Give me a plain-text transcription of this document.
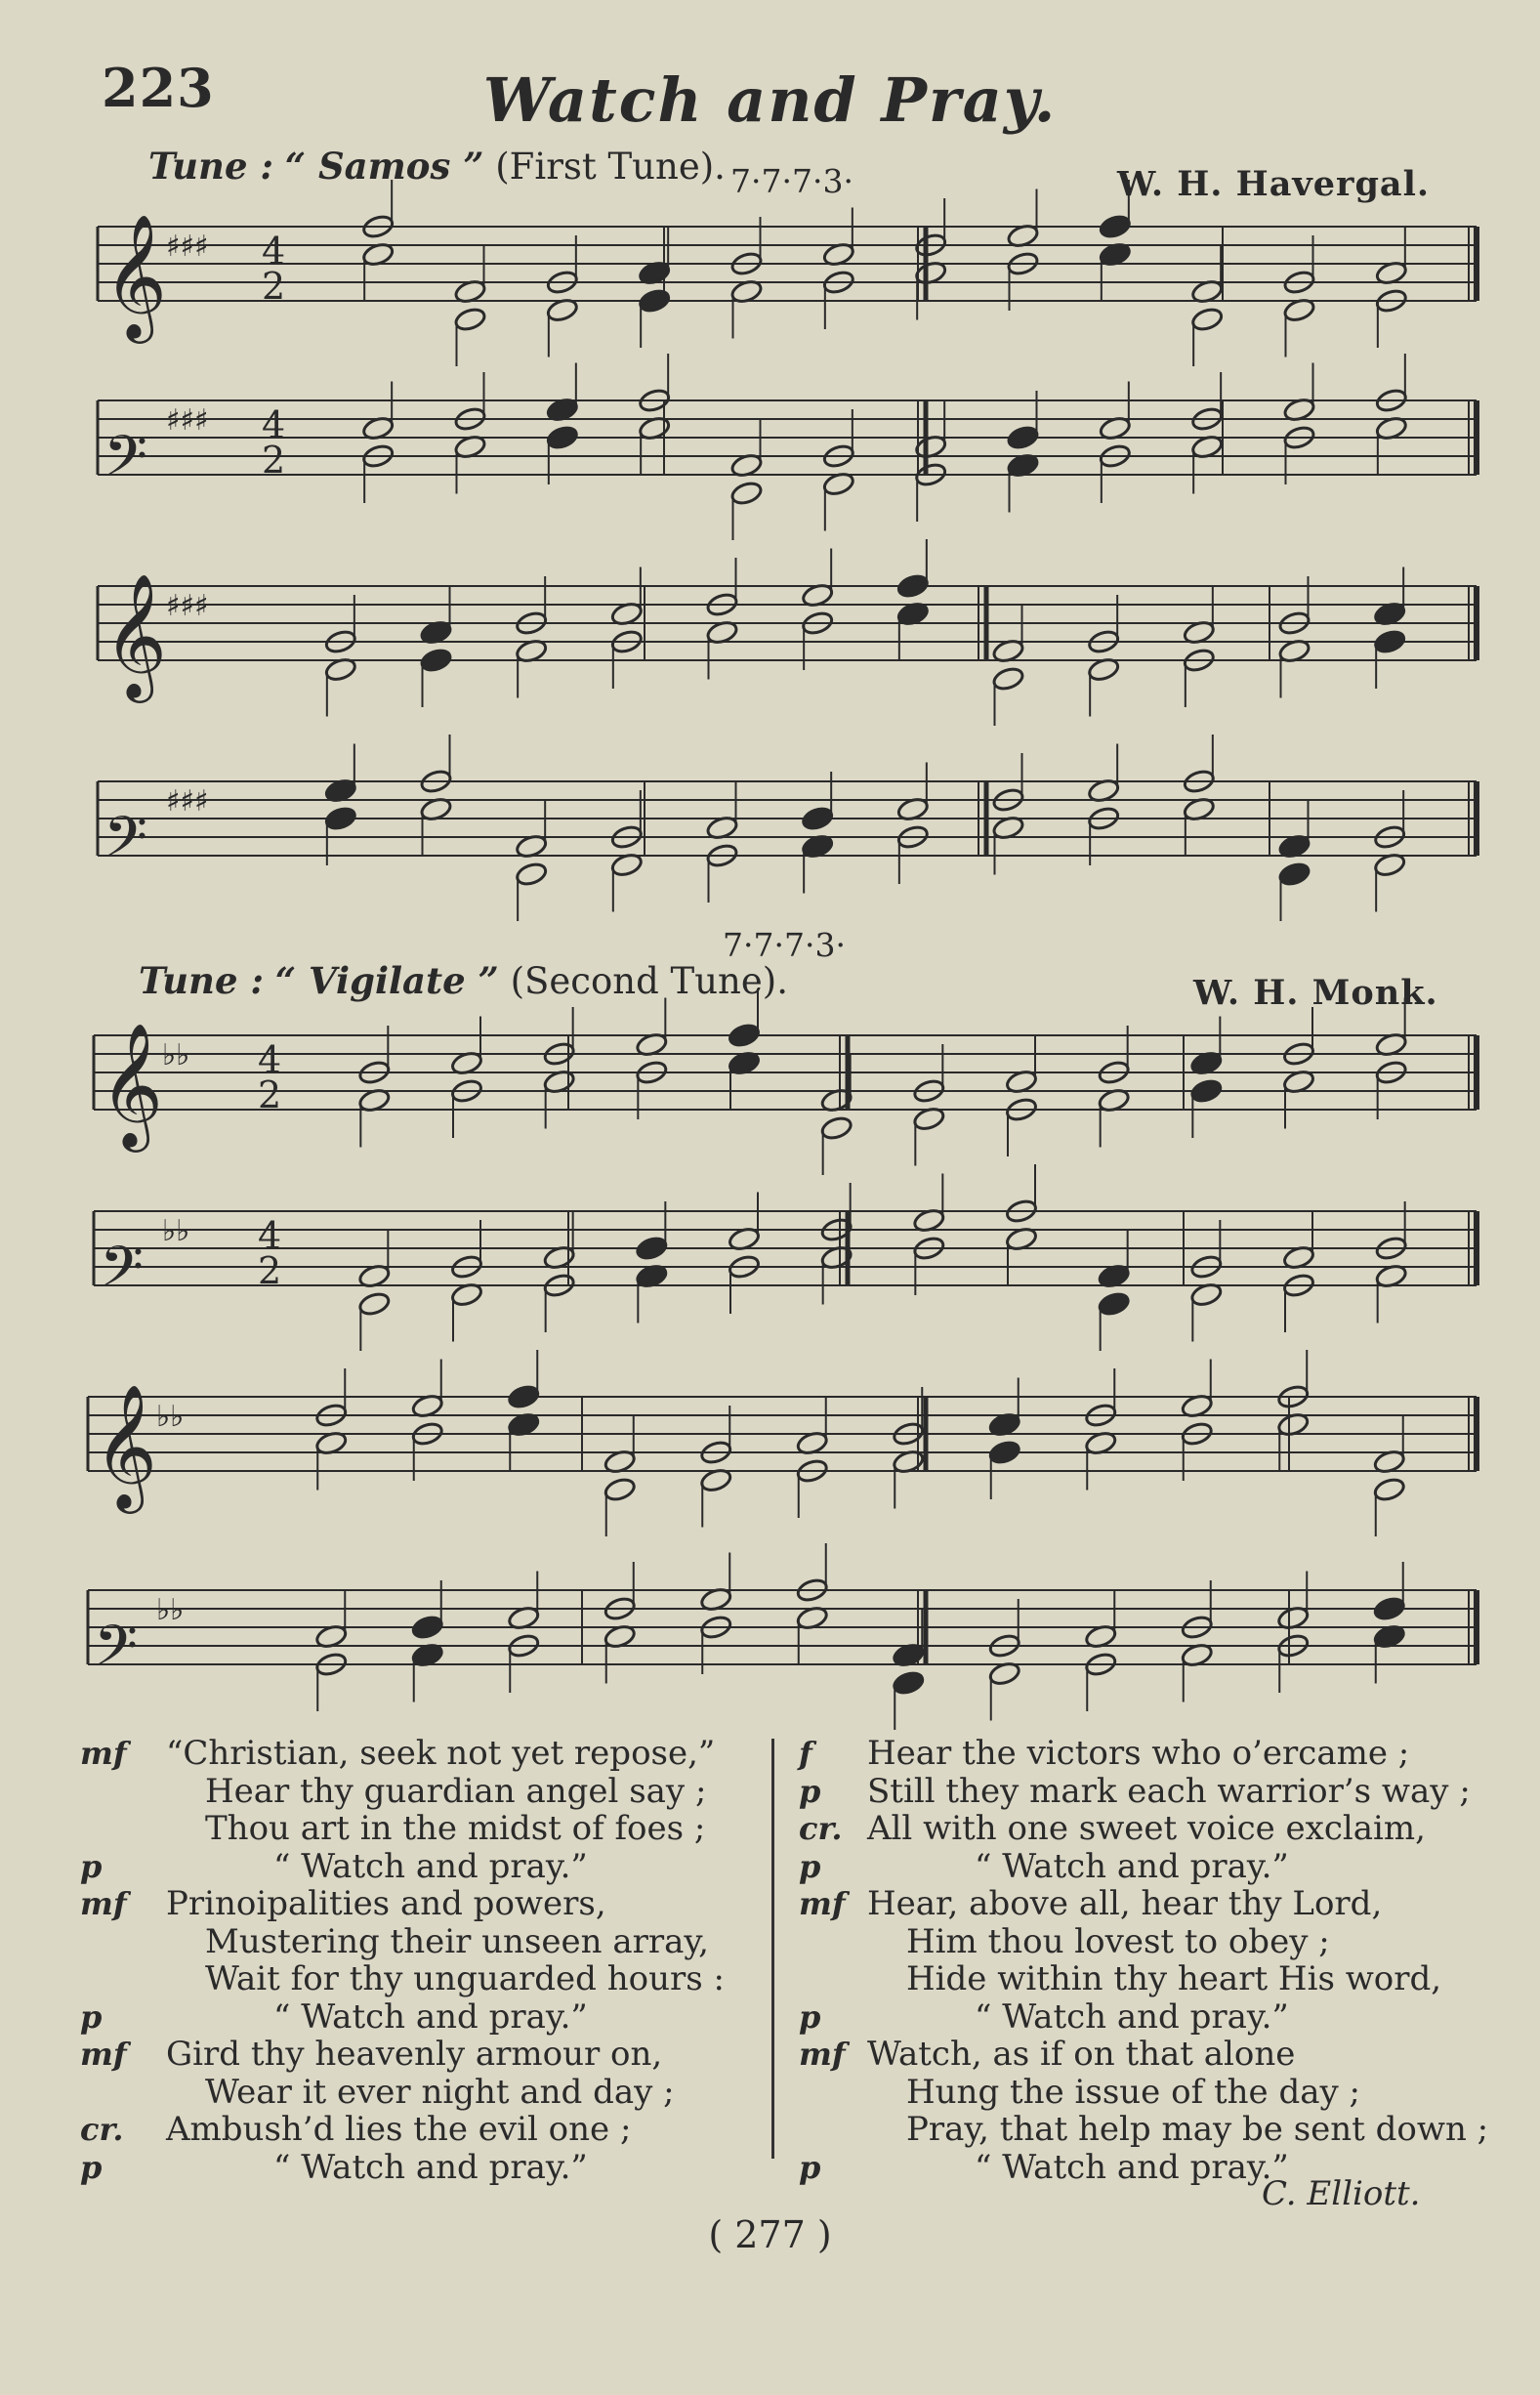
223	Watch and Pray.
Tune : “ Samos ” (First Tune). 7·7·7·3·	W. H. Havergal.
7·7·7·3·
Tune : “ Vigilate ” (Second Tune).	W. H. Monk.
𝄞
♯♯♯ 4
2
𝄢
♯♯♯ 4
2
𝄞
♯♯♯
𝄢
♯♯♯
𝄞
♭♭ 4
2
𝄢
♭♭ 4
2
𝄞
♭♭
𝄢
♭♭
mf “Christian, seek not yet repose,”
Hear thy guardian angel say ;
Thou art in the midst of foes ;
p	“ Watch and pray.”
mf Prinoipalities and powers,
Mustering their unseen array,
Wait for thy unguarded hours :
p	“ Watch and pray.”
mf Gird thy heavenly armour on,
Wear it ever night and day ;
cr. Ambush’d lies the evil one ;
p	“ Watch and pray.”
f Hear the victors who o’ercame ;
p Still they mark each warrior’s way ;
cr. All with one sweet voice exclaim,
p	“ Watch and pray.”
mf Hear, above all, hear thy Lord,
Him thou lovest to obey ;
Hide within thy heart His word,
p	“ Watch and pray.”
mf Watch, as if on that alone
Hung the issue of the day ;
Pray, that help may be sent down ;
p	“ Watch and pray.”
C. Elliott.
( 277 )
